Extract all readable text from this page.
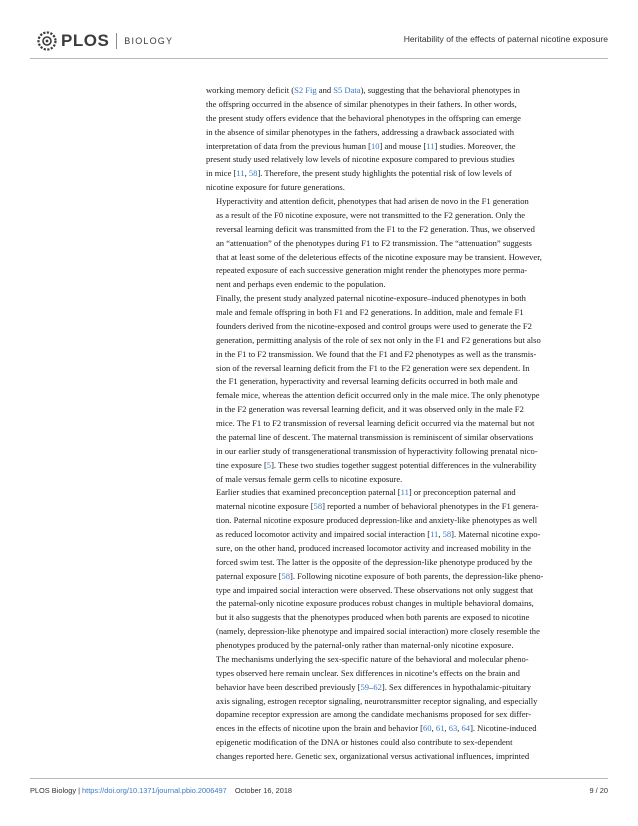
PLOS BIOLOGY	Heritability of the effects of paternal nicotine exposure

working memory deficit (S2 Fig and S5 Data), suggesting that the behavioral phenotypes in
the offspring occurred in the absence of similar phenotypes in their fathers. In other words,
the present study offers evidence that the behavioral phenotypes in the offspring can emerge
in the absence of similar phenotypes in the fathers, addressing a drawback associated with
interpretation of data from the previous human [10] and mouse [11] studies. Moreover, the
present study used relatively low levels of nicotine exposure compared to previous studies
in mice [11, 58]. Therefore, the present study highlights the potential risk of low levels of
nicotine exposure for future generations.

Hyperactivity and attention deficit, phenotypes that had arisen de novo in the F1 generation
as a result of the F0 nicotine exposure, were not transmitted to the F2 generation. Only the
reversal learning deficit was transmitted from the F1 to the F2 generation. Thus, we observed
an “attenuation” of the phenotypes during F1 to F2 transmission. The “attenuation” suggests
that at least some of the deleterious effects of the nicotine exposure may be transient. However,
repeated exposure of each successive generation might render the phenotypes more perma-
nent and perhaps even endemic to the population.

Finally, the present study analyzed paternal nicotine-exposure–induced phenotypes in both
male and female offspring in both F1 and F2 generations. In addition, male and female F1
founders derived from the nicotine-exposed and control groups were used to generate the F2
generation, permitting analysis of the role of sex not only in the F1 and F2 generations but also
in the F1 to F2 transmission. We found that the F1 and F2 phenotypes as well as the transmis-
sion of the reversal learning deficit from the F1 to the F2 generation were sex dependent. In
the F1 generation, hyperactivity and reversal learning deficits occurred in both male and
female mice, whereas the attention deficit occurred only in the male mice. The only phenotype
in the F2 generation was reversal learning deficit, and it was observed only in the male F2
mice. The F1 to F2 transmission of reversal learning deficit occurred via the maternal but not
the paternal line of descent. The maternal transmission is reminiscent of similar observations
in our earlier study of transgenerational transmission of hyperactivity following prenatal nico-
tine exposure [5]. These two studies together suggest potential differences in the vulnerability
of male versus female germ cells to nicotine exposure.

Earlier studies that examined preconception paternal [11] or preconception paternal and
maternal nicotine exposure [58] reported a number of behavioral phenotypes in the F1 genera-
tion. Paternal nicotine exposure produced depression-like and anxiety-like phenotypes as well
as reduced locomotor activity and impaired social interaction [11, 58]. Maternal nicotine expo-
sure, on the other hand, produced increased locomotor activity and increased mobility in the
forced swim test. The latter is the opposite of the depression-like phenotype produced by the
paternal exposure [58]. Following nicotine exposure of both parents, the depression-like pheno-
type and impaired social interaction were observed. These observations not only suggest that
the paternal-only nicotine exposure produces robust changes in multiple behavioral domains,
but it also suggests that the phenotypes produced when both parents are exposed to nicotine
(namely, depression-like phenotype and impaired social interaction) more closely resemble the
phenotypes produced by the paternal-only rather than maternal-only nicotine exposure.

The mechanisms underlying the sex-specific nature of the behavioral and molecular pheno-
types observed here remain unclear. Sex differences in nicotine’s effects on the brain and
behavior have been described previously [59–62]. Sex differences in hypothalamic-pituitary
axis signaling, estrogen receptor signaling, neurotransmitter receptor signaling, and especially
dopamine receptor expression are among the candidate mechanisms proposed for sex differ-
ences in the effects of nicotine upon the brain and behavior [60, 61, 63, 64]. Nicotine-induced
epigenetic modification of the DNA or histones could also contribute to sex-dependent
changes reported here. Genetic sex, organizational versus activational influences, imprinted

PLOS Biology | https://doi.org/10.1371/journal.pbio.2006497 October 16, 2018	9 / 20
